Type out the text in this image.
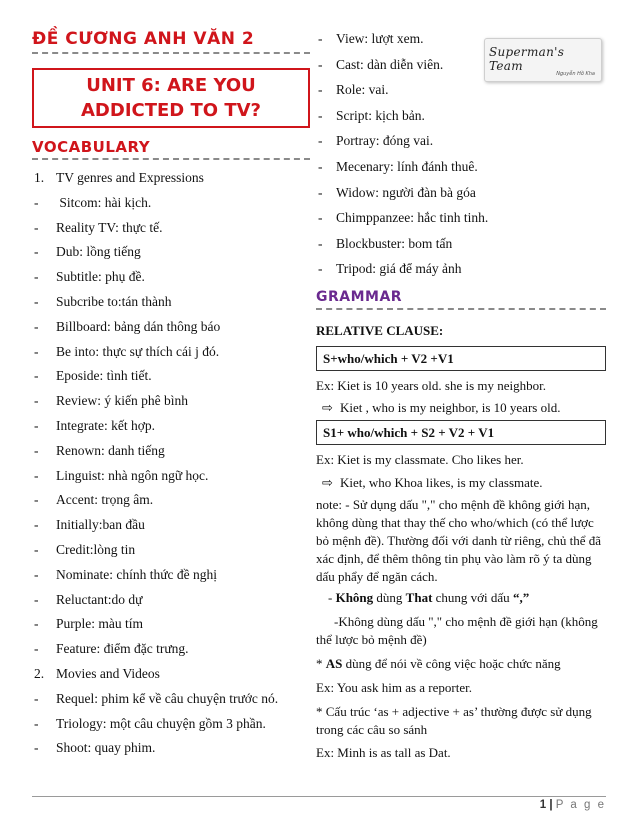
ĐỀ CƯƠNG ANH VĂN 2
UNIT 6: ARE YOU ADDICTED TO TV?
VOCABULARY
1. TV genres and Expressions
- Sitcom: hài kịch.
- Reality TV: thực tế.
- Dub: lồng tiếng
- Subtitle: phụ đề.
- Subcribe to:tán thành
- Billboard: bảng dán thông báo
- Be into: thực sự thích cái j đó.
- Eposide: tình tiết.
- Review: ý kiến phê bình
- Integrate: kết hợp.
- Renown: danh tiếng
- Linguist: nhà ngôn ngữ học.
- Accent: trọng âm.
- Initially:ban đầu
- Credit:lòng tin
- Nominate: chính thức đề nghị
- Reluctant:do dự
- Purple: màu tím
- Feature: điểm đặc trưng.
2. Movies and Videos
- Requel: phim kể về câu chuyện trước nó.
- Triology: một câu chuyện gồm 3 phần.
- Shoot: quay phim.
- View: lượt xem.
- Cast: dàn diễn viên.
- Role: vai.
- Script: kịch bản.
- Portray: đóng vai.
- Mecenary: lính đánh thuê.
- Widow: người đàn bà góa
- Chimppanzee: hắc tinh tinh.
- Blockbuster: bom tấn
- Tripod: giá để máy ảnh
GRAMMAR
RELATIVE CLAUSE:
S+who/which + V2 +V1
Ex: Kiet is 10 years old. she is my neighbor.
⇨ Kiet , who is my neighbor, is 10 years old.
S1+ who/which + S2 + V2 + V1
Ex: Kiet is my classmate. Cho likes her.
⇨ Kiet, who Khoa likes, is my classmate.
note: - Sử dụng dấu "," cho mệnh đề không giới hạn, không dùng that thay thế cho who/which (có thể lược bỏ mệnh đề). Thường đối với danh từ riêng, chủ thể đã xác định, để thêm thông tin phụ vào làm rõ ý ta dùng dấu phẩy để ngăn cách.
- Không dùng That chung với dấu “,”
-Không dùng dấu "," cho mệnh đề giới hạn (không thể lược bỏ mệnh đề)
* AS dùng để nói về công việc hoặc chức năng
Ex: You ask him as a reporter.
* Cấu trúc ‘as + adjective + as’ thường được sử dụng trong các câu so sánh
Ex: Minh is as tall as Dat.
Superman's Team
Nguyễn Hồ Kha
1 | P a g e
